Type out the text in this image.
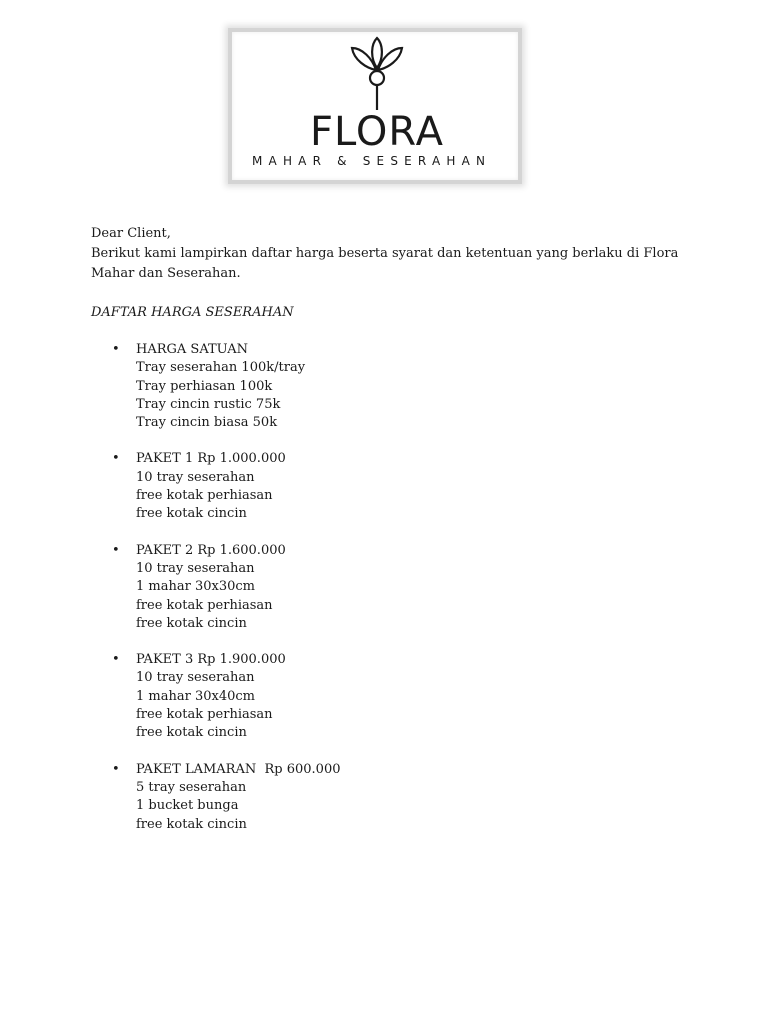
FLORA
MAHAR & SESERAHAN

Dear Client,

Berikut kami lampirkan daftar harga beserta syarat dan ketentuan yang berlaku di Flora Mahar dan Seserahan.

DAFTAR HARGA SESERAHAN

• HARGA SATUAN
Tray seserahan 100k/tray
Tray perhiasan 100k
Tray cincin rustic 75k
Tray cincin biasa 50k
• PAKET 1 Rp 1.000.000
10 tray seserahan
free kotak perhiasan
free kotak cincin
• PAKET 2 Rp 1.600.000
10 tray seserahan
1 mahar 30x30cm
free kotak perhiasan
free kotak cincin
• PAKET 3 Rp 1.900.000
10 tray seserahan
1 mahar 30x40cm
free kotak perhiasan
free kotak cincin
• PAKET LAMARAN  Rp 600.000
5 tray seserahan
1 bucket bunga
free kotak cincin
